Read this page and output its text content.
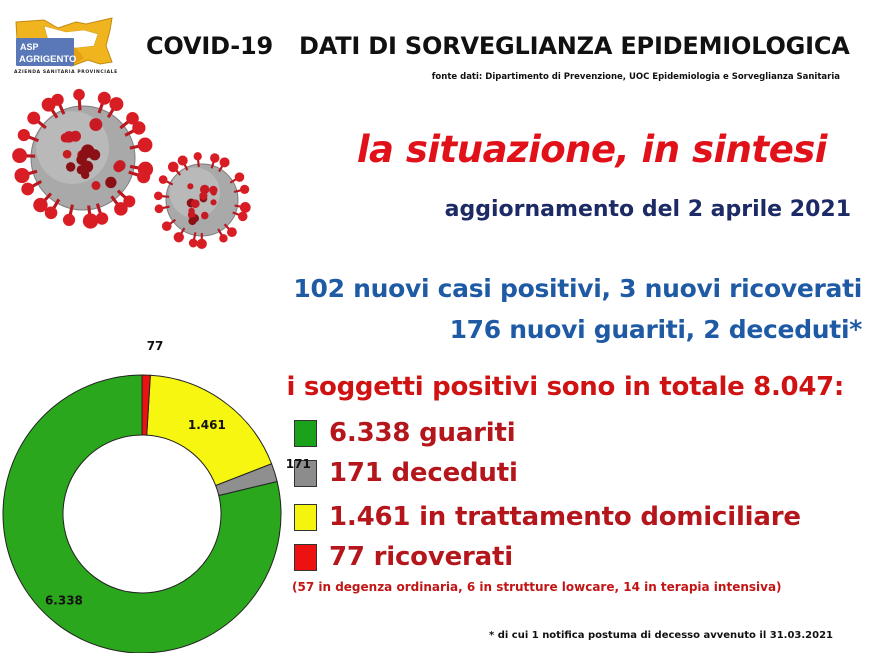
ASP
AGRIGENTO
AZIENDA SANITARIA PROVINCIALE
COVID-19 DATI DI SORVEGLIANZA EPIDEMIOLOGICA
fonte dati: Dipartimento di Prevenzione, UOC Epidemiologia e Sorveglianza Sanitaria
la situazione, in sintesi
aggiornamento del 2 aprile 2021
102 nuovi casi positivi, 3 nuovi ricoverati
176 nuovi guariti, 2 deceduti*
i soggetti positivi sono in totale 8.047:
6.338 guariti
171 deceduti
1.461 in trattamento domiciliare
77 ricoverati
(57 in degenza ordinaria, 6 in strutture lowcare, 14 in terapia intensiva)
* di cui 1 notifica postuma di decesso avvenuto il 31.03.2021
6.338
171
1.461
77
